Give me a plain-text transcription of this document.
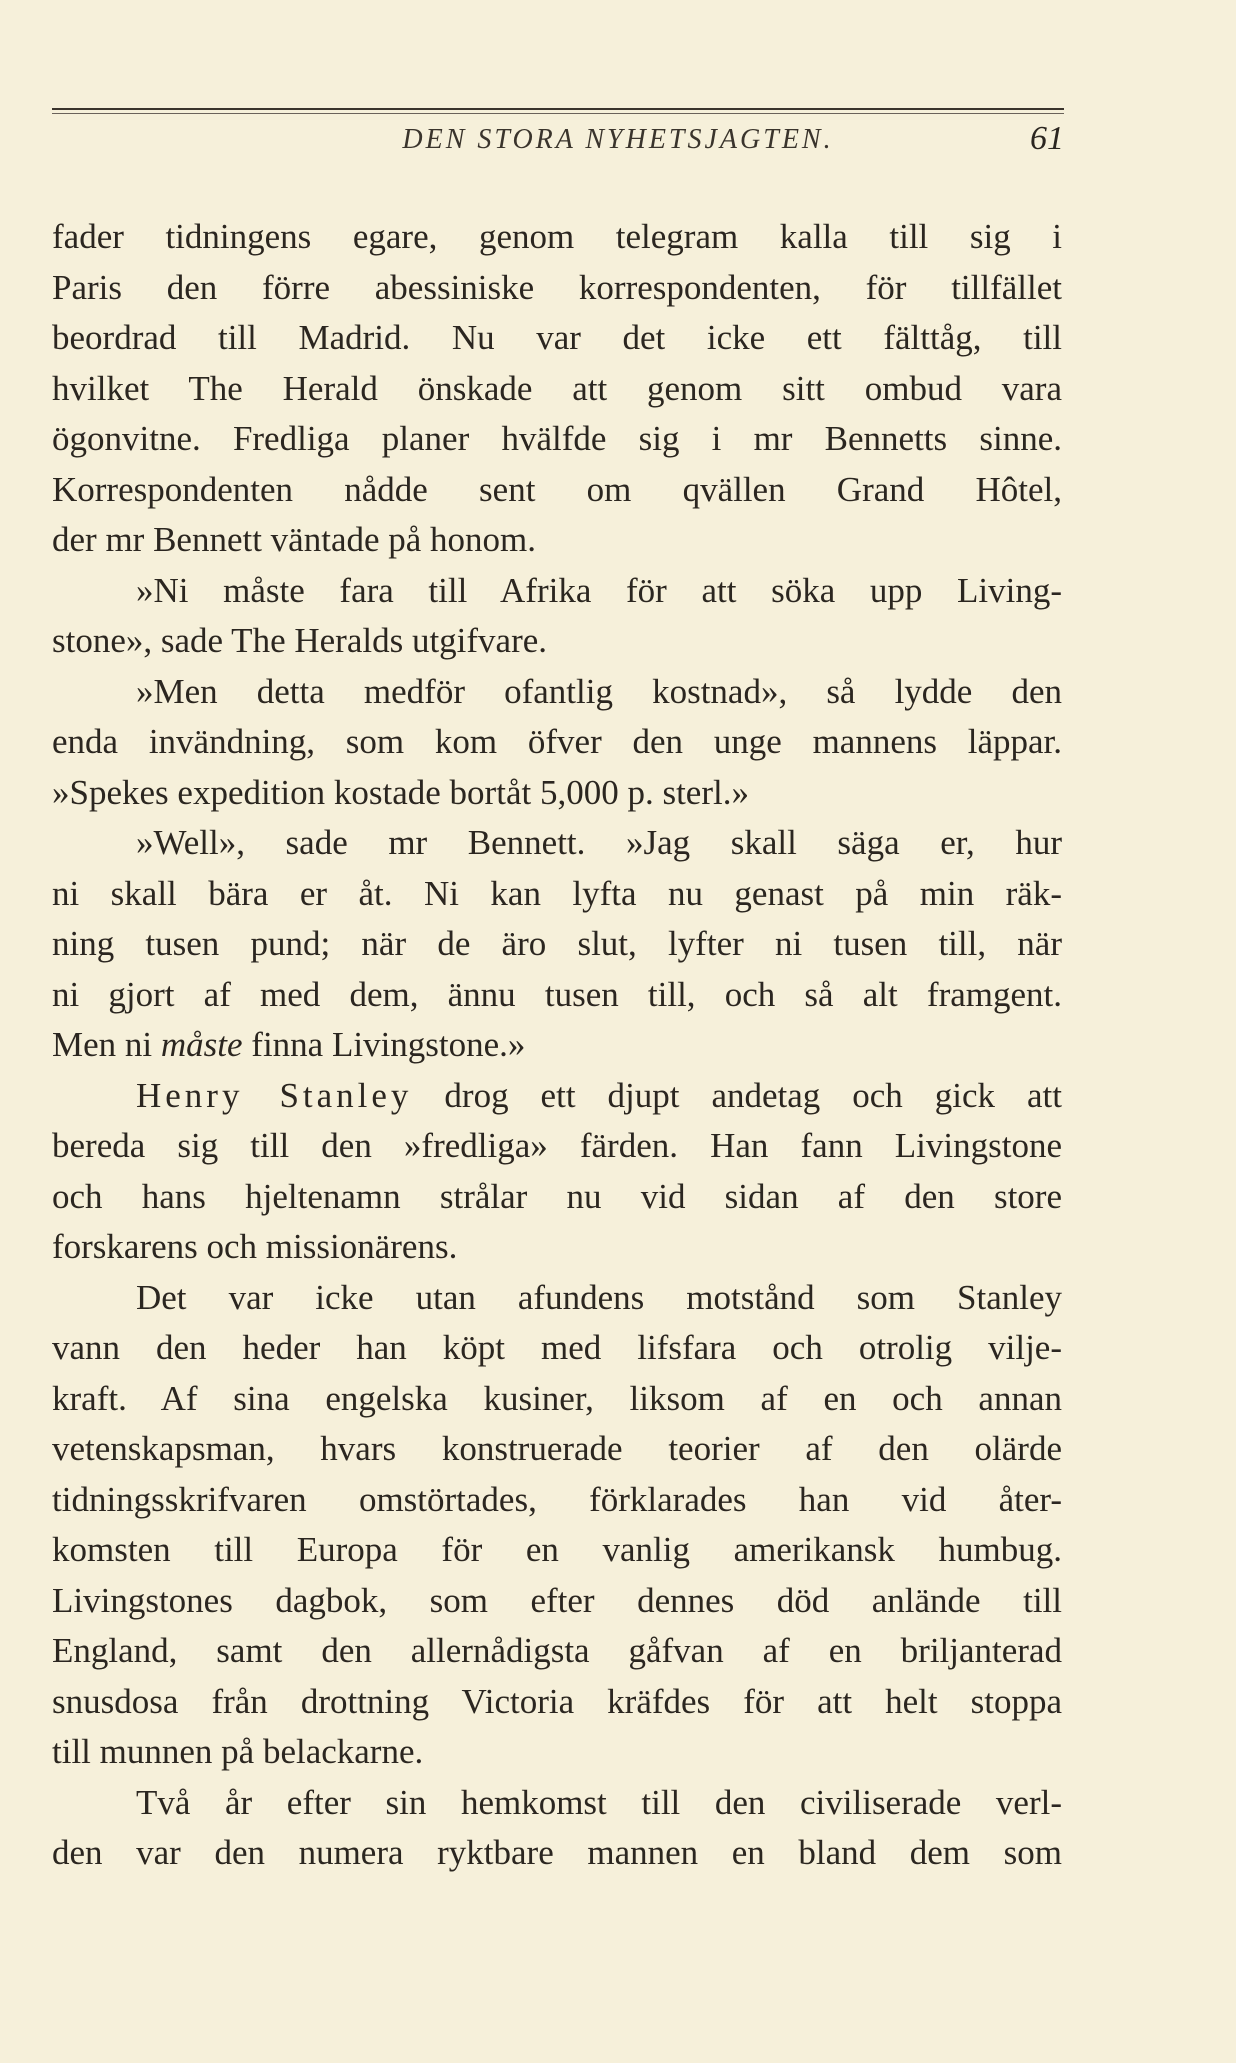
DEN STORA NYHETSJAGTEN.	61
fader tidningens egare, genom telegram kalla till sig i
Paris den förre abessiniske korrespondenten, för tillfället
beordrad till Madrid. Nu var det icke ett fälttåg, till
hvilket The Herald önskade att genom sitt ombud vara
ögonvitne. Fredliga planer hvälfde sig i mr Bennetts sinne.
Korrespondenten nådde sent om qvällen Grand Hôtel,
der mr Bennett väntade på honom.
»Ni måste fara till Afrika för att söka upp Living-
stone», sade The Heralds utgifvare.
»Men detta medför ofantlig kostnad», så lydde den
enda invändning, som kom öfver den unge mannens läppar.
»Spekes expedition kostade bortåt 5,000 p. sterl.»
»Well», sade mr Bennett. »Jag skall säga er, hur
ni skall bära er åt. Ni kan lyfta nu genast på min räk-
ning tusen pund; när de äro slut, lyfter ni tusen till, när
ni gjort af med dem, ännu tusen till, och så alt framgent.
Men ni måste finna Livingstone.»
Henry Stanley drog ett djupt andetag och gick att
bereda sig till den »fredliga» färden. Han fann Livingstone
och hans hjeltenamn strålar nu vid sidan af den store
forskarens och missionärens.
Det var icke utan afundens motstånd som Stanley
vann den heder han köpt med lifsfara och otrolig vilje-
kraft. Af sina engelska kusiner, liksom af en och annan
vetenskapsman, hvars konstruerade teorier af den olärde
tidningsskrifvaren omstörtades, förklarades han vid åter-
komsten till Europa för en vanlig amerikansk humbug.
Livingstones dagbok, som efter dennes död anlände till
England, samt den allernådigsta gåfvan af en briljanterad
snusdosa från drottning Victoria kräfdes för att helt stoppa
till munnen på belackarne.
Två år efter sin hemkomst till den civiliserade verl-
den var den numera ryktbare mannen en bland dem som
